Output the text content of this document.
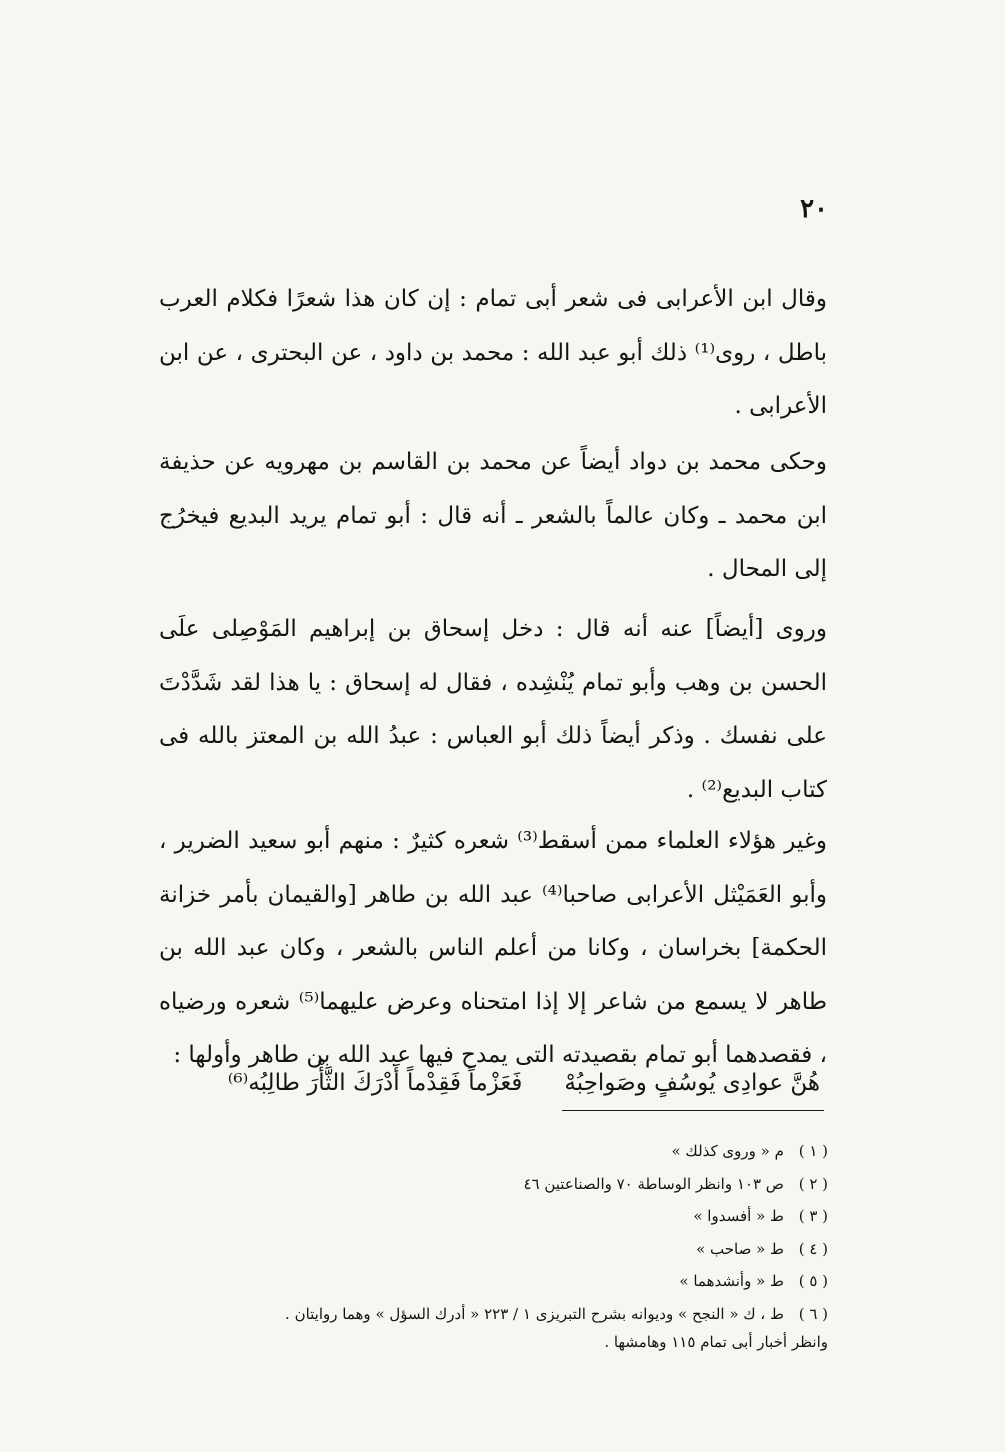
٢٠

وقال ابن الأعرابى فى شعر أبى تمام : إن كان هذا شعرًا فكلام العرب باطل ، روى⁽¹⁾ ذلك أبو عبد الله : محمد بن داود ، عن البحترى ، عن ابن الأعرابى .

وحكى محمد بن دواد أيضاً عن محمد بن القاسم بن مهرويه عن حذيفة ابن محمد ـ وكان عالماً بالشعر ـ أنه قال : أبو تمام يريد البديع فيخرُج إلى المحال .

وروى [أيضاً] عنه أنه قال : دخل إسحاق بن إبراهيم المَوْصِلى علَى الحسن بن وهب وأبو تمام يُنْشِده ، فقال له إسحاق : يا هذا لقد شَدَّدْتَ على نفسك . وذكر أيضاً ذلك أبو العباس : عبدُ الله بن المعتز بالله فى كتاب البديع⁽²⁾ .

وغير هؤلاء العلماء ممن أسقط⁽³⁾ شعره كثيرٌ : منهم أبو سعيد الضرير ، وأبو العَمَيْثل الأعرابى صاحبا⁽⁴⁾ عبد الله بن طاهر [والقيمان بأمر خزانة الحكمة] بخراسان ، وكانا من أعلم الناس بالشعر ، وكان عبد الله بن طاهر لا يسمع من شاعر إلا إذا امتحناه وعرض عليهما⁽⁵⁾ شعره ورضياه ، فقصدهما أبو تمام بقصيدته التى يمدح فيها عبد الله بن طاهر وأولها :

هُنَّ عوادِى يُوسُفٍ وصَواحِبُهْفَعَزْماً فَقِدْماً أَدْرَكَ الثَّأْرَ طالِبُه⁽⁶⁾
( ١ ) م « وروى كذلك »
( ٢ ) ص ١٠٣ وانظر الوساطة ٧٠ والصناعتين ٤٦
( ٣ ) ط « أفسدوا »
( ٤ ) ط « صاحب »
( ٥ ) ط « وأنشدهما »
( ٦ ) ط ، ك « النجح » وديوانه بشرح التبريزى ١ / ٢٢٣ « أدرك السؤل » وهما روايتان .
وانظر أخبار أبى تمام ١١٥ وهامشها .
